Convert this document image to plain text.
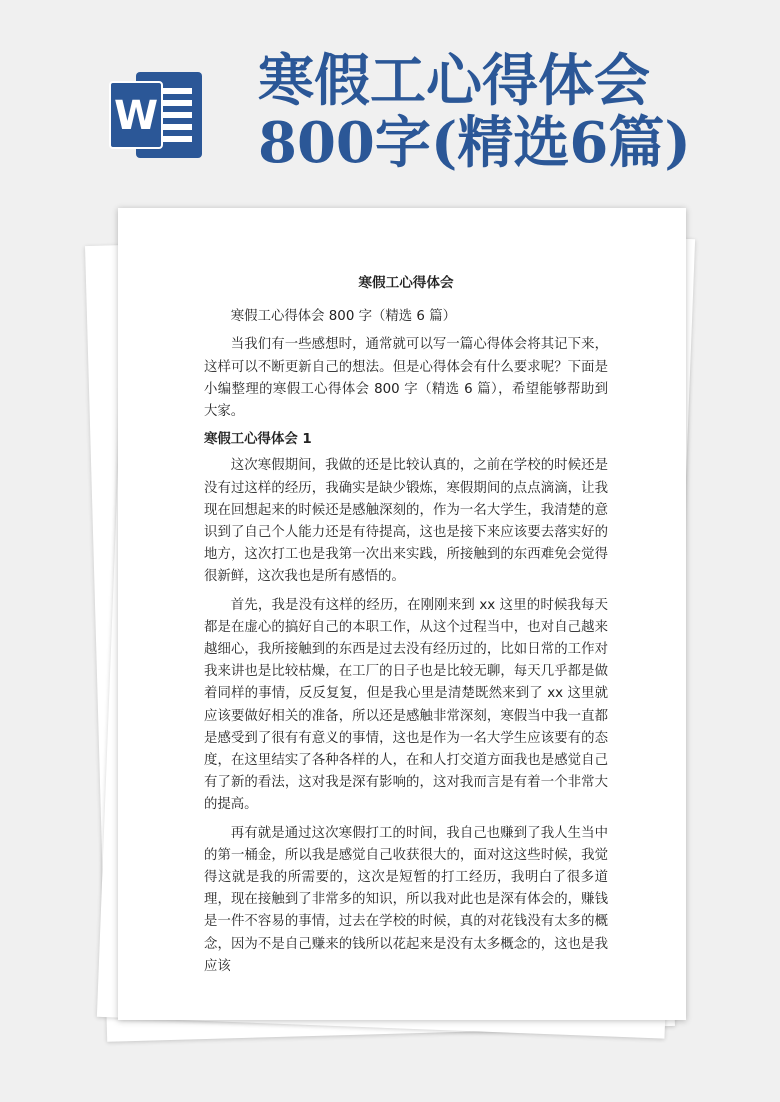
W
寒假工心得体会800字(精选6篇)
寒假工心得体会

寒假工心得体会 800 字（精选 6 篇）

当我们有一些感想时，通常就可以写一篇心得体会将其记下来，这样可以不断更新自己的想法。但是心得体会有什么要求呢？下面是小编整理的寒假工心得体会 800 字（精选 6 篇），希望能够帮助到大家。

寒假工心得体会 1

这次寒假期间，我做的还是比较认真的，之前在学校的时候还是没有过这样的经历，我确实是缺少锻炼，寒假期间的点点滴滴，让我现在回想起来的时候还是感触深刻的，作为一名大学生，我清楚的意识到了自己个人能力还是有待提高，这也是接下来应该要去落实好的地方，这次打工也是我第一次出来实践，所接触到的东西难免会觉得很新鲜，这次我也是所有感悟的。

首先，我是没有这样的经历，在刚刚来到 xx 这里的时候我每天都是在虚心的搞好自己的本职工作，从这个过程当中，也对自己越来越细心，我所接触到的东西是过去没有经历过的，比如日常的工作对我来讲也是比较枯燥，在工厂的日子也是比较无聊，每天几乎都是做着同样的事情，反反复复，但是我心里是清楚既然来到了 xx 这里就应该要做好相关的准备，所以还是感触非常深刻，寒假当中我一直都是感受到了很有有意义的事情，这也是作为一名大学生应该要有的态度，在这里结实了各种各样的人，在和人打交道方面我也是感觉自己有了新的看法，这对我是深有影响的，这对我而言是有着一个非常大的提高。

再有就是通过这次寒假打工的时间，我自己也赚到了我人生当中的第一桶金，所以我是感觉自己收获很大的，面对这这些时候，我觉得这就是我的所需要的，这次是短暂的打工经历，我明白了很多道理，现在接触到了非常多的知识，所以我对此也是深有体会的，赚钱是一件不容易的事情，过去在学校的时候，真的对花钱没有太多的概念，因为不是自己赚来的钱所以花起来是没有太多概念的，这也是我应该
